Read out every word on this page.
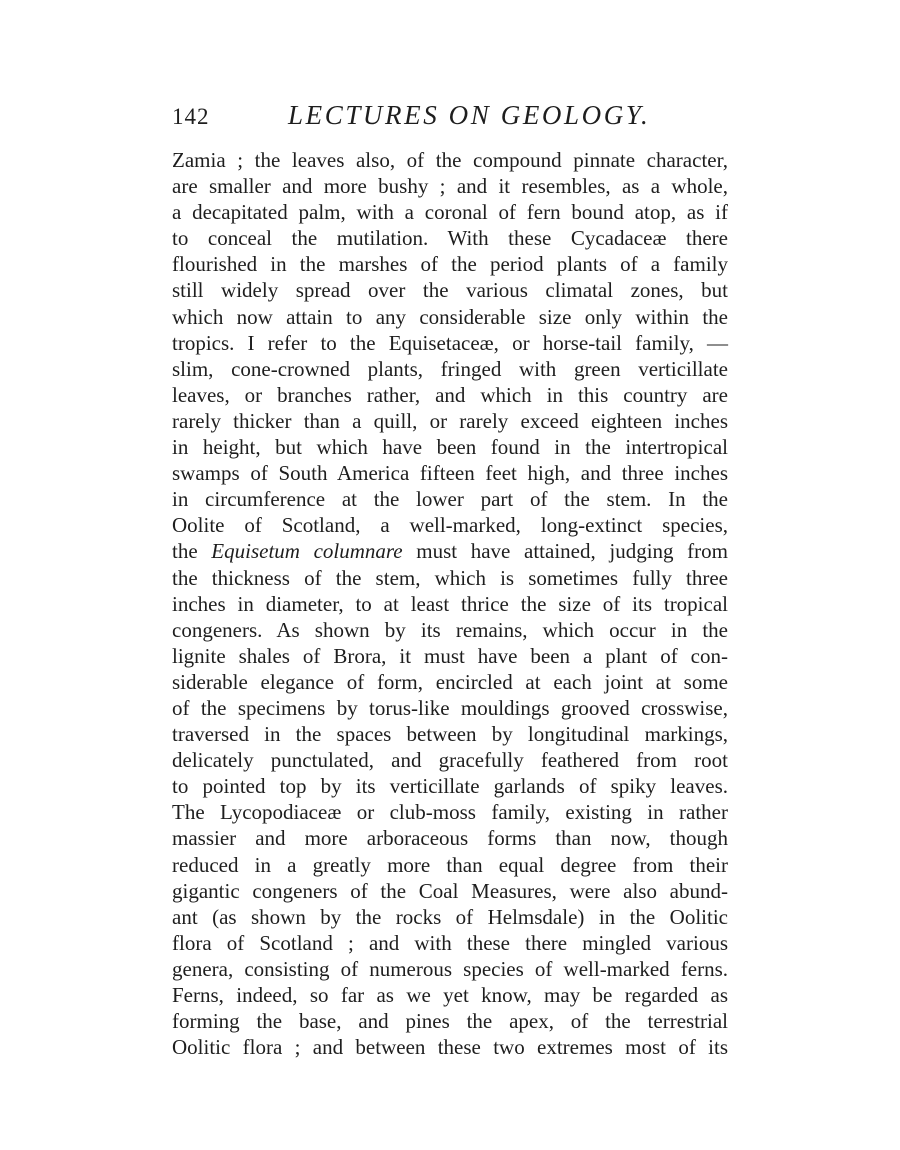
142	LECTURES ON GEOLOGY.
Zamia ; the leaves also, of the compound pinnate character,
are smaller and more bushy ; and it resembles, as a whole,
a decapitated palm, with a coronal of fern bound atop, as if
to conceal the mutilation. With these Cycadaceæ there
flourished in the marshes of the period plants of a family
still widely spread over the various climatal zones, but
which now attain to any considerable size only within the
tropics. I refer to the Equisetaceæ, or horse-tail family, —
slim, cone-crowned plants, fringed with green verticillate
leaves, or branches rather, and which in this country are
rarely thicker than a quill, or rarely exceed eighteen inches
in height, but which have been found in the intertropical
swamps of South America fifteen feet high, and three inches
in circumference at the lower part of the stem. In the
Oolite of Scotland, a well-marked, long-extinct species,
the Equisetum columnare must have attained, judging from
the thickness of the stem, which is sometimes fully three
inches in diameter, to at least thrice the size of its tropical
congeners. As shown by its remains, which occur in the
lignite shales of Brora, it must have been a plant of con-
siderable elegance of form, encircled at each joint at some
of the specimens by torus-like mouldings grooved crosswise,
traversed in the spaces between by longitudinal markings,
delicately punctulated, and gracefully feathered from root
to pointed top by its verticillate garlands of spiky leaves.
The Lycopodiaceæ or club-moss family, existing in rather
massier and more arboraceous forms than now, though
reduced in a greatly more than equal degree from their
gigantic congeners of the Coal Measures, were also abund-
ant (as shown by the rocks of Helmsdale) in the Oolitic
flora of Scotland ; and with these there mingled various
genera, consisting of numerous species of well-marked ferns.
Ferns, indeed, so far as we yet know, may be regarded as
forming the base, and pines the apex, of the terrestrial
Oolitic flora ; and between these two extremes most of its
